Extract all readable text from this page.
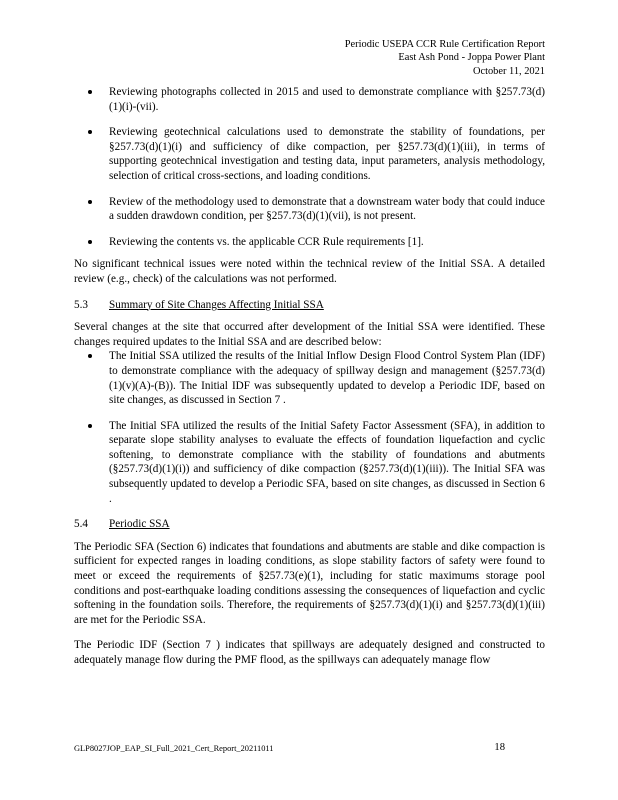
Periodic USEPA CCR Rule Certification Report
East Ash Pond - Joppa Power Plant
October 11, 2021
Reviewing photographs collected in 2015 and used to demonstrate compliance with §257.73(d)(1)(i)-(vii).
Reviewing geotechnical calculations used to demonstrate the stability of foundations, per §257.73(d)(1)(i) and sufficiency of dike compaction, per §257.73(d)(1)(iii), in terms of supporting geotechnical investigation and testing data, input parameters, analysis methodology, selection of critical cross-sections, and loading conditions.
Review of the methodology used to demonstrate that a downstream water body that could induce a sudden drawdown condition, per §257.73(d)(1)(vii), is not present.
Reviewing the contents vs. the applicable CCR Rule requirements [1].

No significant technical issues were noted within the technical review of the Initial SSA. A detailed review (e.g., check) of the calculations was not performed.

5.3 Summary of Site Changes Affecting Initial SSA

Several changes at the site that occurred after development of the Initial SSA were identified. These changes required updates to the Initial SSA and are described below:

The Initial SSA utilized the results of the Initial Inflow Design Flood Control System Plan (IDF) to demonstrate compliance with the adequacy of spillway design and management (§257.73(d)(1)(v)(A)-(B)). The Initial IDF was subsequently updated to develop a Periodic IDF, based on site changes, as discussed in Section 7 .
The Initial SFA utilized the results of the Initial Safety Factor Assessment (SFA), in addition to separate slope stability analyses to evaluate the effects of foundation liquefaction and cyclic softening, to demonstrate compliance with the stability of foundations and abutments (§257.73(d)(1)(i)) and sufficiency of dike compaction (§257.73(d)(1)(iii)). The Initial SFA was subsequently updated to develop a Periodic SFA, based on site changes, as discussed in Section 6 .
5.4 Periodic SSA

The Periodic SFA (Section 6) indicates that foundations and abutments are stable and dike compaction is sufficient for expected ranges in loading conditions, as slope stability factors of safety were found to meet or exceed the requirements of §257.73(e)(1), including for static maximums storage pool conditions and post-earthquake loading conditions assessing the consequences of liquefaction and cyclic softening in the foundation soils. Therefore, the requirements of §257.73(d)(1)(i) and §257.73(d)(1)(iii) are met for the Periodic SSA.

The Periodic IDF (Section 7 ) indicates that spillways are adequately designed and constructed to adequately manage flow during the PMF flood, as the spillways can adequately manage flow

GLP8027JOP_EAP_SI_Full_2021_Cert_Report_20211011	18
